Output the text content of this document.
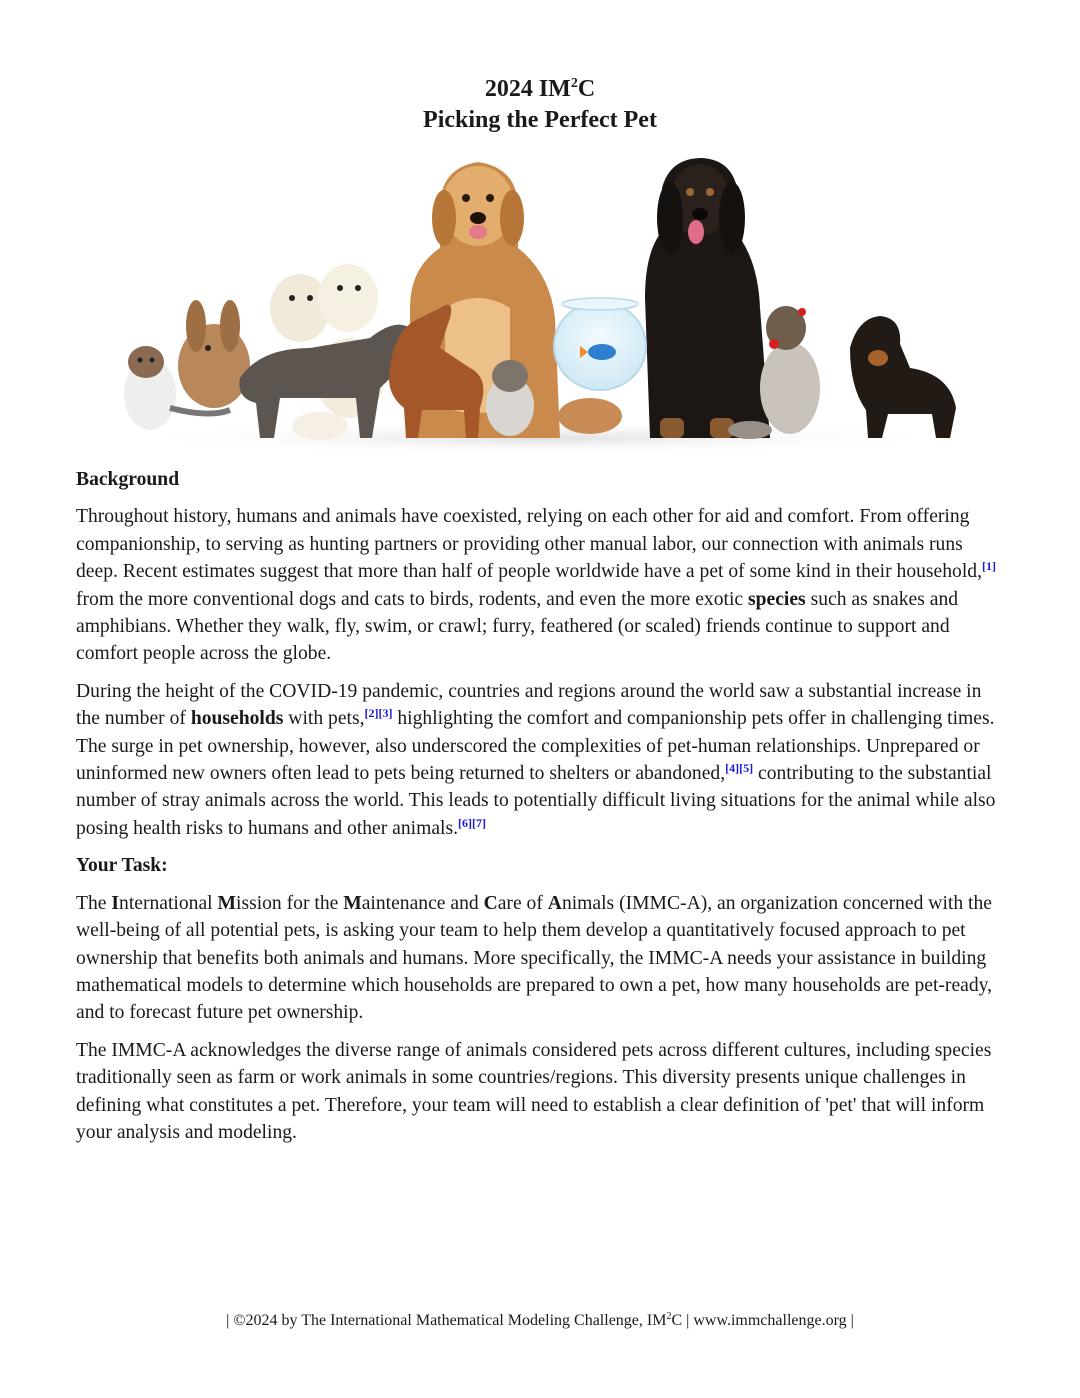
2024 $IM^2C$
Picking the Perfect Pet
Background

Throughout history, humans and animals have coexisted, relying on each other for aid and comfort. From offering companionship, to serving as hunting partners or providing other manual labor, our connection with animals runs deep. Recent estimates suggest that more than half of people worldwide have a pet of some kind in their household,[1] from the more conventional dogs and cats to birds, rodents, and even the more exotic species such as snakes and amphibians. Whether they walk, fly, swim, or crawl; furry, feathered (or scaled) friends continue to support and comfort people across the globe.

During the height of the COVID-19 pandemic, countries and regions around the world saw a substantial increase in the number of households with pets,[2][3] highlighting the comfort and companionship pets offer in challenging times. The surge in pet ownership, however, also underscored the complexities of pet-human relationships. Unprepared or uninformed new owners often lead to pets being returned to shelters or abandoned,[4][5] contributing to the substantial number of stray animals across the world. This leads to potentially difficult living situations for the animal while also posing health risks to humans and other animals.[6][7]

Your Task:

The International Mission for the Maintenance and Care of Animals (IMMC-A), an organization concerned with the well-being of all potential pets, is asking your team to help them develop a quantitatively focused approach to pet ownership that benefits both animals and humans. More specifically, the IMMC-A needs your assistance in building mathematical models to determine which households are prepared to own a pet, how many households are pet-ready, and to forecast future pet ownership.

The IMMC-A acknowledges the diverse range of animals considered pets across different cultures, including species traditionally seen as farm or work animals in some countries/regions. This diversity presents unique challenges in defining what constitutes a pet. Therefore, your team will need to establish a clear definition of 'pet' that will inform your analysis and modeling.

| ©2024 by The International Mathematical Modeling Challenge, $IM^2C$ | www.immchallenge.org |
